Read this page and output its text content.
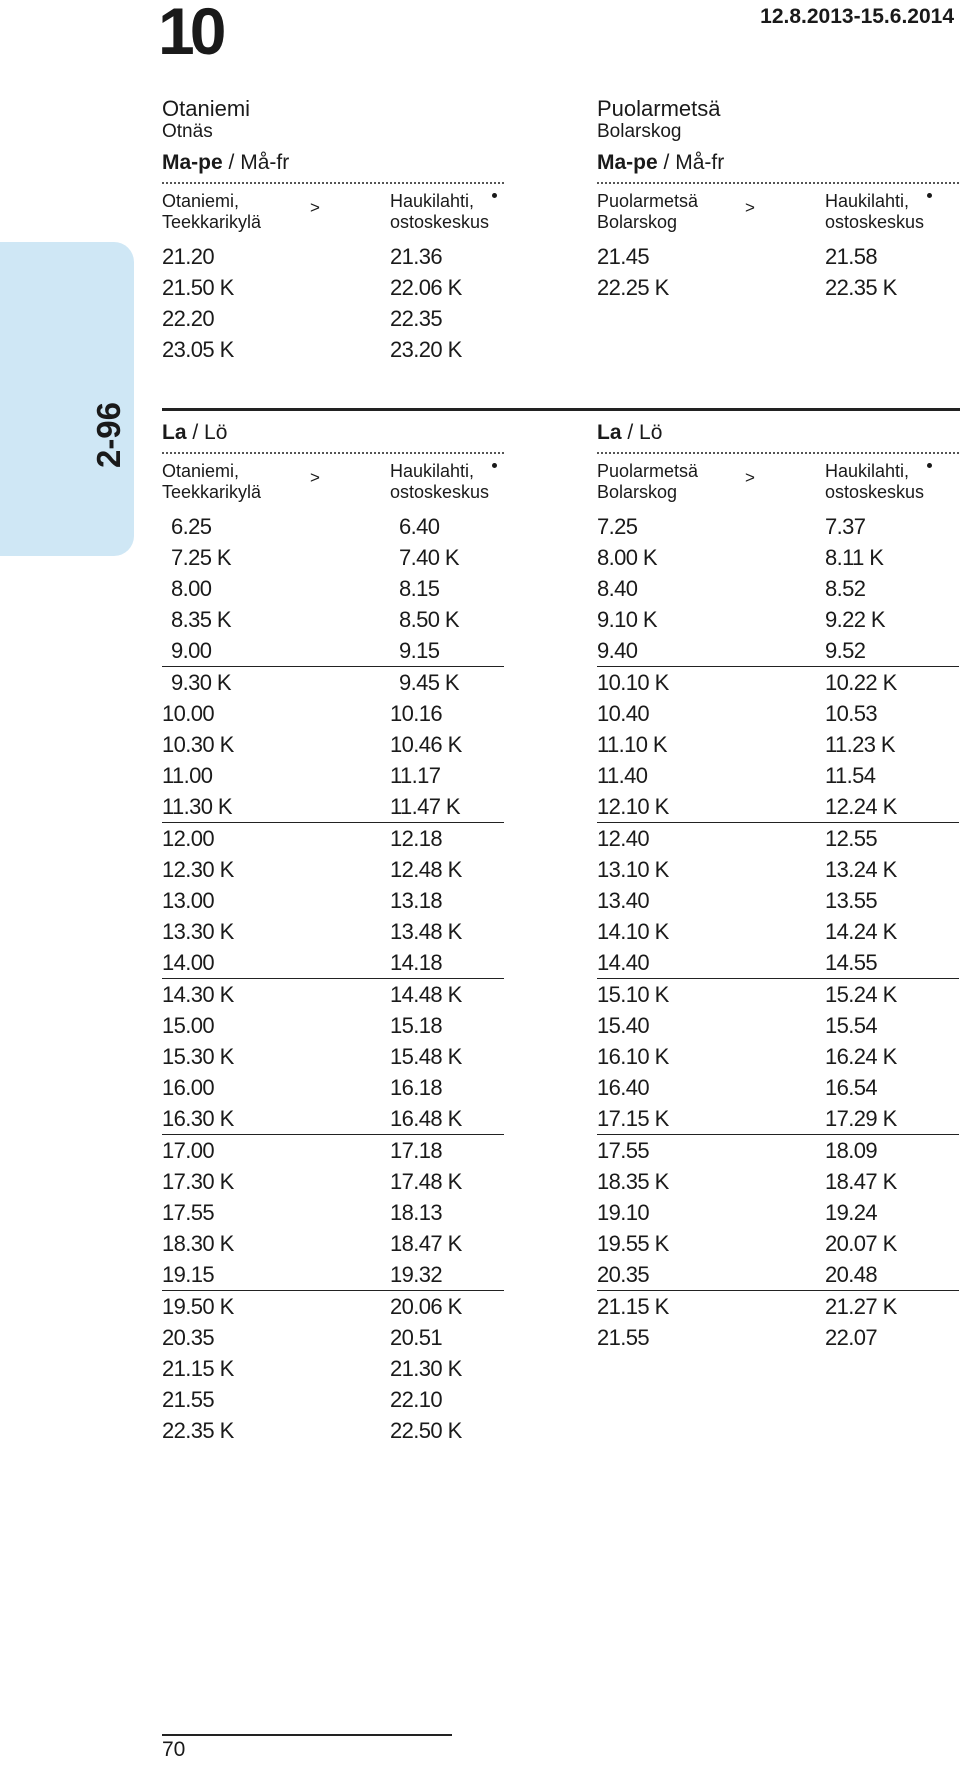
10	12.8.2013-15.6.2014
2-96
Otaniemi
Otnäs
Ma-pe / Må-fr
Otaniemi,
Teekkarikylä
>	Haukilahti,
ostoskeskus
21.20	21.36
21.50 K	22.06 K
22.20	22.35
23.05 K	23.20 K
Puolarmetsä
Bolarskog
Ma-pe / Må-fr
Puolarmetsä
Bolarskog
>	Haukilahti,
ostoskeskus
21.45	21.58
22.25 K	22.35 K
La / Lö
Otaniemi,
Teekkarikylä
>	Haukilahti,
ostoskeskus
6.25	6.40
7.25 K	7.40 K
8.00	8.15
8.35 K	8.50 K
9.00	9.15
9.30 K	9.45 K
10.00	10.16
10.30 K	10.46 K
11.00	11.17
11.30 K	11.47 K
12.00	12.18
12.30 K	12.48 K
13.00	13.18
13.30 K	13.48 K
14.00	14.18
14.30 K	14.48 K
15.00	15.18
15.30 K	15.48 K
16.00	16.18
16.30 K	16.48 K
17.00	17.18
17.30 K	17.48 K
17.55	18.13
18.30 K	18.47 K
19.15	19.32
19.50 K	20.06 K
20.35	20.51
21.15 K	21.30 K
21.55	22.10
22.35 K	22.50 K
La / Lö
Puolarmetsä
Bolarskog
>	Haukilahti,
ostoskeskus
7.25	7.37
8.00 K	8.11 K
8.40	8.52
9.10 K	9.22 K
9.40	9.52
10.10 K	10.22 K
10.40	10.53
11.10 K	11.23 K
11.40	11.54
12.10 K	12.24 K
12.40	12.55
13.10 K	13.24 K
13.40	13.55
14.10 K	14.24 K
14.40	14.55
15.10 K	15.24 K
15.40	15.54
16.10 K	16.24 K
16.40	16.54
17.15 K	17.29 K
17.55	18.09
18.35 K	18.47 K
19.10	19.24
19.55 K	20.07 K
20.35	20.48
21.15 K	21.27 K
21.55	22.07
70
